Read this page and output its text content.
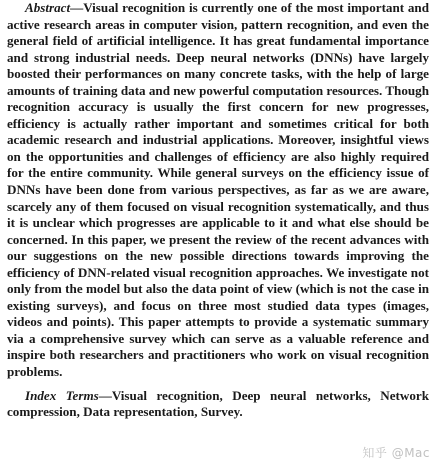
Abstract—Visual recognition is currently one of the most important and active research areas in computer vision, pattern recognition, and even the general field of artificial intelligence. It has great fundamental importance and strong industrial needs. Deep neural networks (DNNs) have largely boosted their performances on many concrete tasks, with the help of large amounts of training data and new powerful computation resources. Though recognition accuracy is usually the first concern for new progresses, efficiency is actually rather important and sometimes critical for both academic research and industrial applications. Moreover, insightful views on the opportunities and challenges of efficiency are also highly required for the entire community. While general surveys on the efficiency issue of DNNs have been done from various perspectives, as far as we are aware, scarcely any of them focused on visual recognition systematically, and thus it is unclear which progresses are applicable to it and what else should be concerned. In this paper, we present the review of the recent advances with our suggestions on the new possible directions towards improving the efficiency of DNN-related visual recognition approaches. We investigate not only from the model but also the data point of view (which is not the case in existing surveys), and focus on three most studied data types (images, videos and points). This paper attempts to provide a systematic summary via a comprehensive survey which can serve as a valuable reference and inspire both researchers and practitioners who work on visual recognition problems.

Index Terms—Visual recognition, Deep neural networks, Network compression, Data representation, Survey.

知乎 @Mac
